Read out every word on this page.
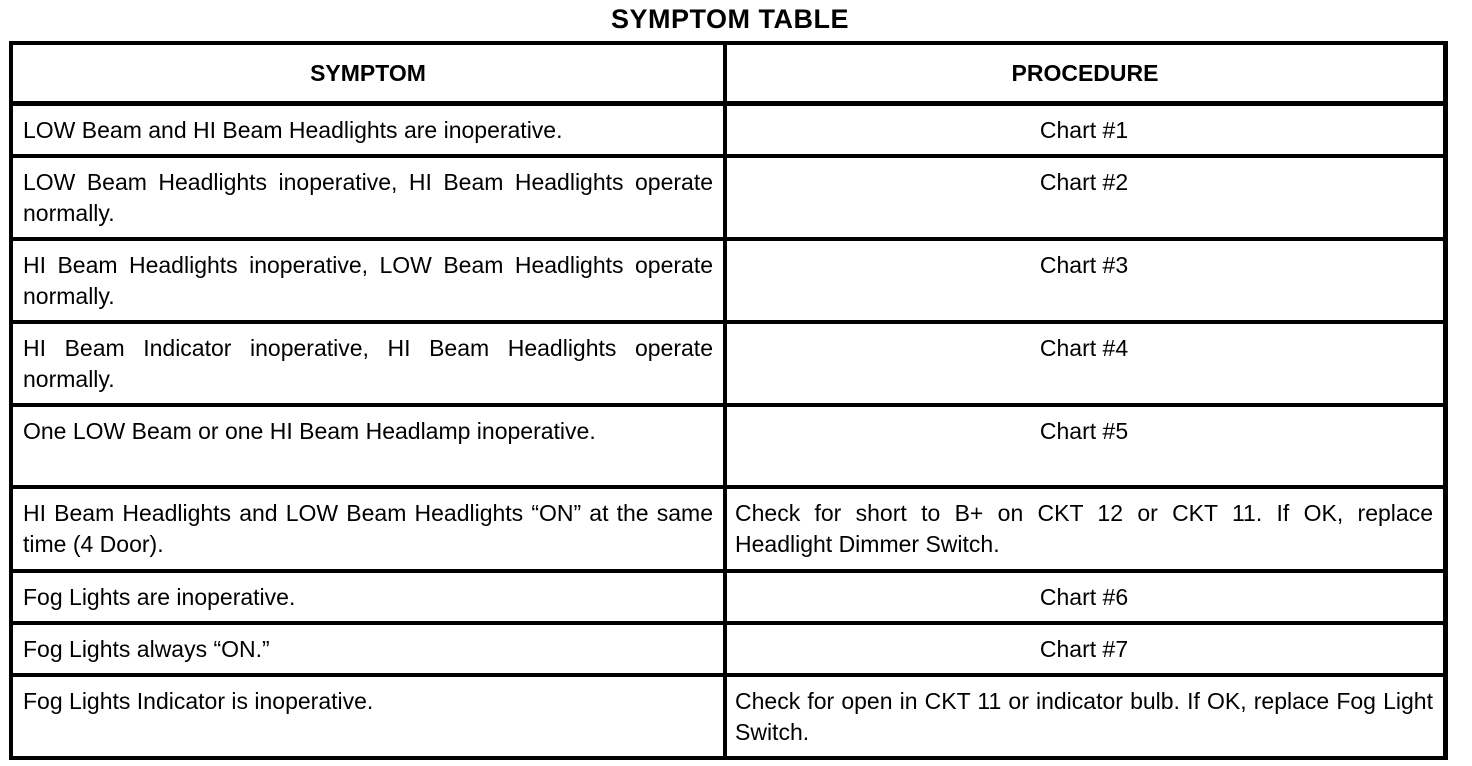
SYMPTOM TABLE
SYMPTOM	PROCEDURE
LOW Beam and HI Beam Headlights are inoperative.	Chart #1
LOW Beam Headlights inoperative, HI Beam Headlights operate normally.	Chart #2
HI Beam Headlights inoperative, LOW Beam Headlights operate normally.	Chart #3
HI Beam Indicator inoperative, HI Beam Headlights operate normally.	Chart #4
One LOW Beam or one HI Beam Headlamp inoperative.	Chart #5
HI Beam Headlights and LOW Beam Headlights “ON” at the same time (4 Door).	Check for short to B+ on CKT 12 or CKT 11. If OK, replace Headlight Dimmer Switch.
Fog Lights are inoperative.	Chart #6
Fog Lights always “ON.”	Chart #7
Fog Lights Indicator is inoperative.	Check for open in CKT 11 or indicator bulb. If OK, replace Fog Light Switch.
